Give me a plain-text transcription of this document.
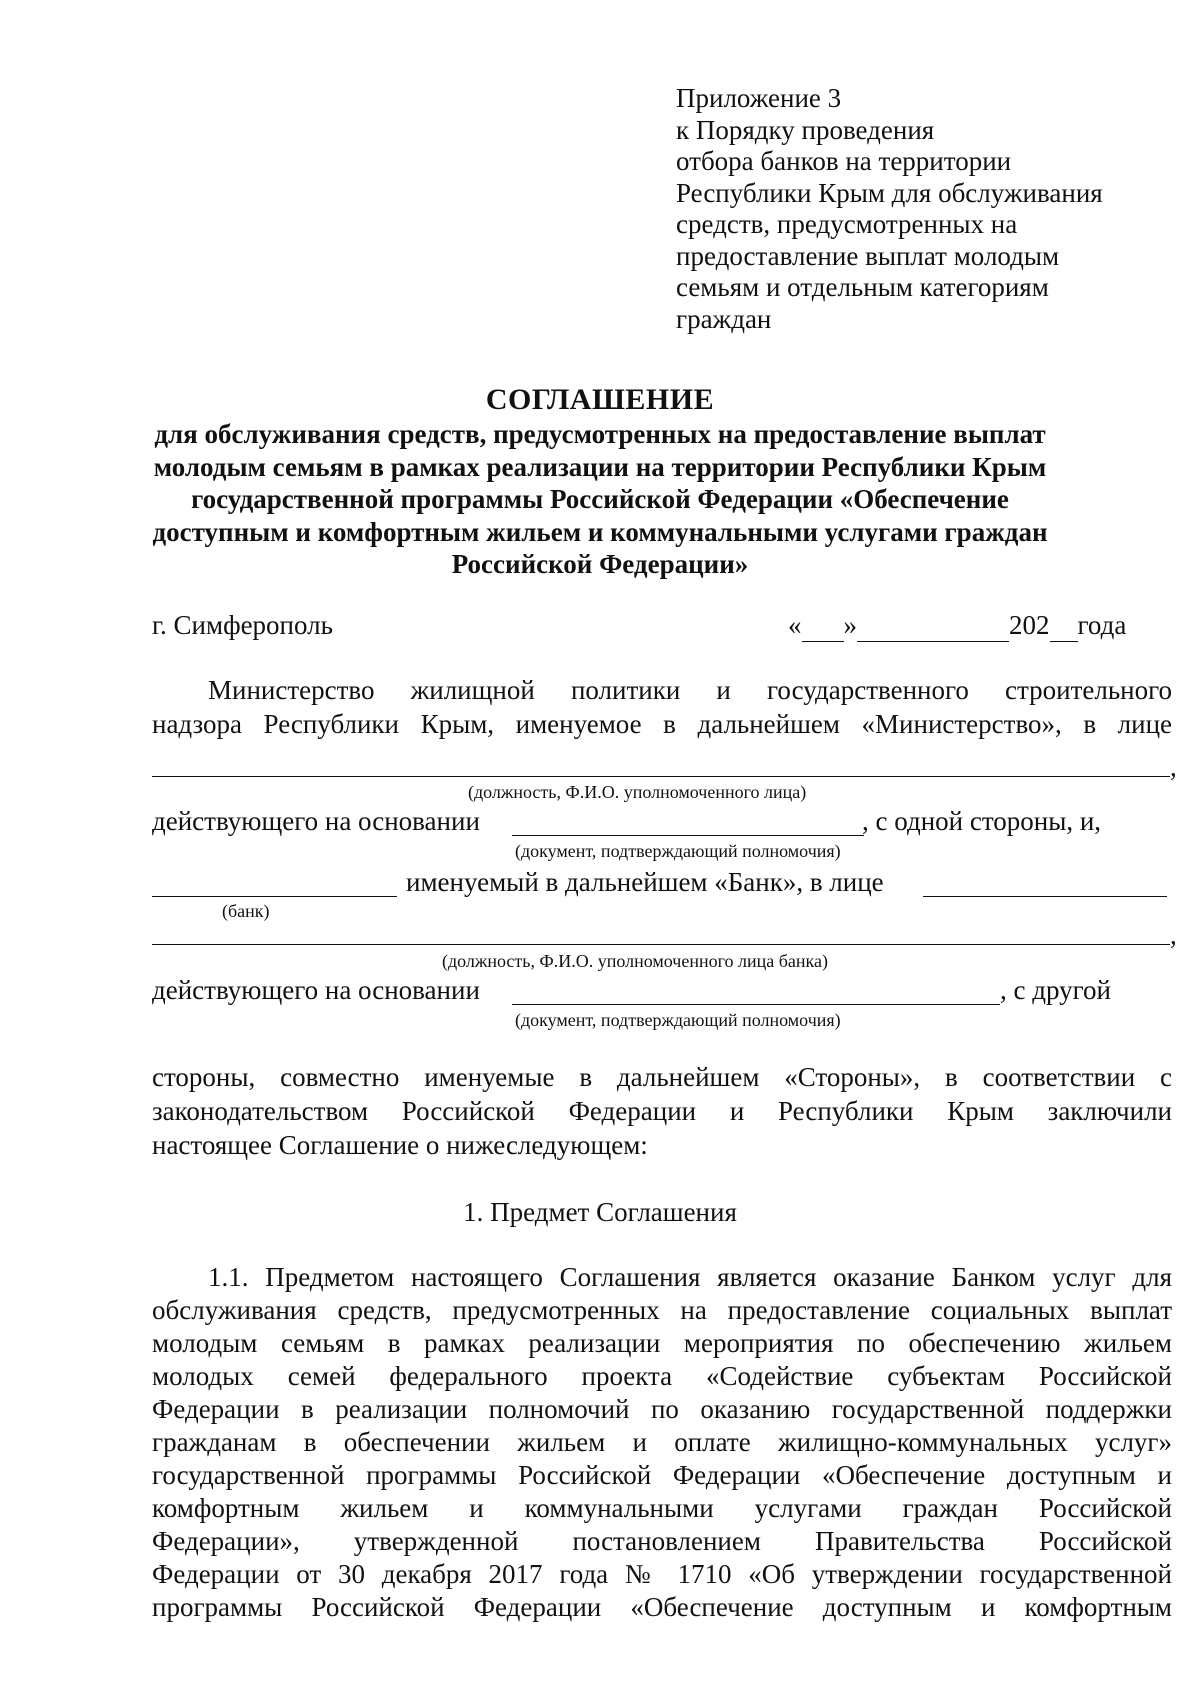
Приложение 3
к Порядку проведения
отбора банков на территории
Республики Крым для обслуживания
средств, предусмотренных на
предоставление выплат молодым
семьям и отдельным категориям
граждан
СОГЛАШЕНИЕ
для обслуживания средств, предусмотренных на предоставление выплат
молодым семьям в рамках реализации на территории Республики Крым
государственной программы Российской Федерации «Обеспечение
доступным и комфортным жильем и коммунальными услугами граждан
Российской Федерации»
г. Симферополь	« »	202 года
Министерство жилищной политики и государственного строительного
надзора Республики Крым, именуемое в дальнейшем «Министерство», в лице
,
(должность, Ф.И.О. уполномоченного лица)
действующего на основании	, с одной стороны, и,
(документ, подтверждающий полномочия)
именуемый в дальнейшем «Банк», в лице
(банк)
,
(должность, Ф.И.О. уполномоченного лица банка)
действующего на основании	, с другой
(документ, подтверждающий полномочия)
стороны, совместно именуемые в дальнейшем «Стороны», в соответствии с
законодательством Российской Федерации и Республики Крым заключили
настоящее Соглашение о нижеследующем:
1. Предмет Соглашения
1.1. Предметом настоящего Соглашения является оказание Банком услуг для
обслуживания средств, предусмотренных на предоставление социальных выплат
молодым семьям в рамках реализации мероприятия по обеспечению жильем
молодых семей федерального проекта «Содействие субъектам Российской
Федерации в реализации полномочий по оказанию государственной поддержки
гражданам в обеспечении жильем и оплате жилищно-коммунальных услуг»
государственной программы Российской Федерации «Обеспечение доступным и
комфортным жильем и коммунальными услугами граждан Российской
Федерации», утвержденной постановлением Правительства Российской
Федерации от 30 декабря 2017 года № 1710 «Об утверждении государственной
программы Российской Федерации «Обеспечение доступным и комфортным
